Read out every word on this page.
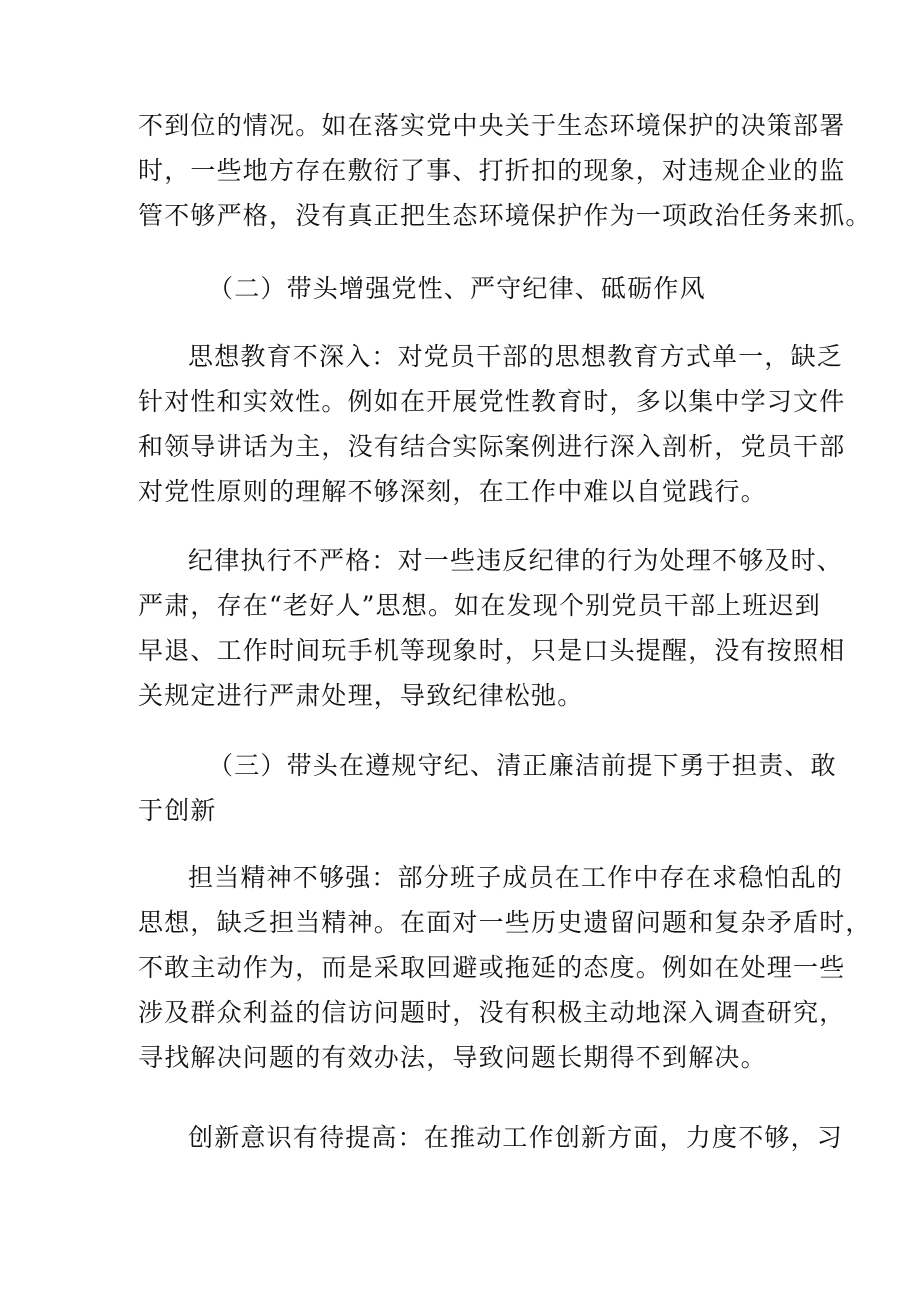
不到位的情况。如在落实党中央关于生态环境保护的决策部署
时，一些地方存在敷衍了事、打折扣的现象，对违规企业的监
管不够严格，没有真正把生态环境保护作为一项政治任务来抓。
（二）带头增强党性、严守纪律、砥砺作风
思想教育不深入：对党员干部的思想教育方式单一，缺乏
针对性和实效性。例如在开展党性教育时，多以集中学习文件
和领导讲话为主，没有结合实际案例进行深入剖析，党员干部
对党性原则的理解不够深刻，在工作中难以自觉践行。
纪律执行不严格：对一些违反纪律的行为处理不够及时、
严肃，存在“老好人”思想。如在发现个别党员干部上班迟到
早退、工作时间玩手机等现象时，只是口头提醒，没有按照相
关规定进行严肃处理，导致纪律松弛。
（三）带头在遵规守纪、清正廉洁前提下勇于担责、敢
于创新
担当精神不够强：部分班子成员在工作中存在求稳怕乱的
思想，缺乏担当精神。在面对一些历史遗留问题和复杂矛盾时，
不敢主动作为，而是采取回避或拖延的态度。例如在处理一些
涉及群众利益的信访问题时，没有积极主动地深入调查研究，
寻找解决问题的有效办法，导致问题长期得不到解决。
创新意识有待提高：在推动工作创新方面，力度不够，习
